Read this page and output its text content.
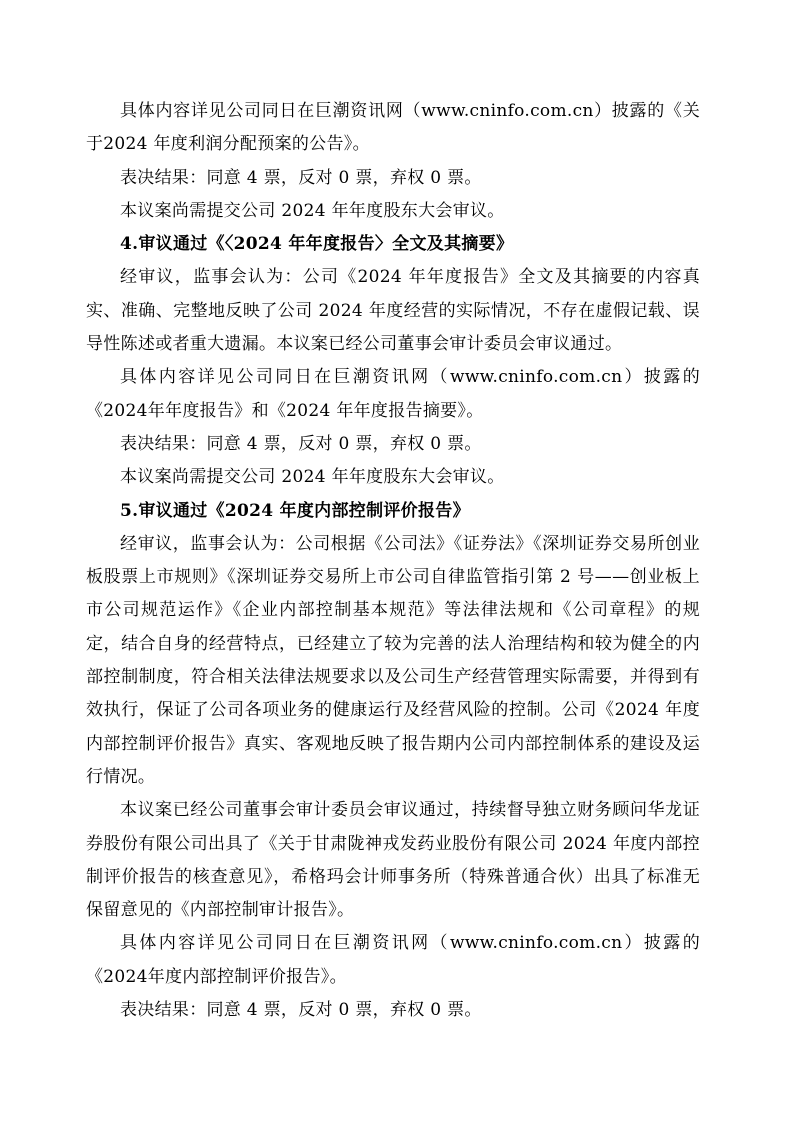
具体内容详见公司同日在巨潮资讯网（www.cninfo.com.cn）披露的《关于2024 年度利润分配预案的公告》。

表决结果：同意 4 票，反对 0 票，弃权 0 票。

本议案尚需提交公司 2024 年年度股东大会审议。

4.审议通过《〈2024 年年度报告〉全文及其摘要》

经审议，监事会认为：公司《2024 年年度报告》全文及其摘要的内容真实、准确、完整地反映了公司 2024 年度经营的实际情况，不存在虚假记载、误导性陈述或者重大遗漏。本议案已经公司董事会审计委员会审议通过。

具体内容详见公司同日在巨潮资讯网（www.cninfo.com.cn）披露的《2024年年度报告》和《2024 年年度报告摘要》。

表决结果：同意 4 票，反对 0 票，弃权 0 票。

本议案尚需提交公司 2024 年年度股东大会审议。

5.审议通过《2024 年度内部控制评价报告》

经审议，监事会认为：公司根据《公司法》《证券法》《深圳证券交易所创业板股票上市规则》《深圳证券交易所上市公司自律监管指引第 2 号——创业板上市公司规范运作》《企业内部控制基本规范》等法律法规和《公司章程》的规定，结合自身的经营特点，已经建立了较为完善的法人治理结构和较为健全的内部控制制度，符合相关法律法规要求以及公司生产经营管理实际需要，并得到有效执行，保证了公司各项业务的健康运行及经营风险的控制。公司《2024 年度内部控制评价报告》真实、客观地反映了报告期内公司内部控制体系的建设及运行情况。

本议案已经公司董事会审计委员会审议通过，持续督导独立财务顾问华龙证券股份有限公司出具了《关于甘肃陇神戎发药业股份有限公司 2024 年度内部控制评价报告的核查意见》，希格玛会计师事务所（特殊普通合伙）出具了标准无保留意见的《内部控制审计报告》。

具体内容详见公司同日在巨潮资讯网（www.cninfo.com.cn）披露的《2024年度内部控制评价报告》。

表决结果：同意 4 票，反对 0 票，弃权 0 票。
